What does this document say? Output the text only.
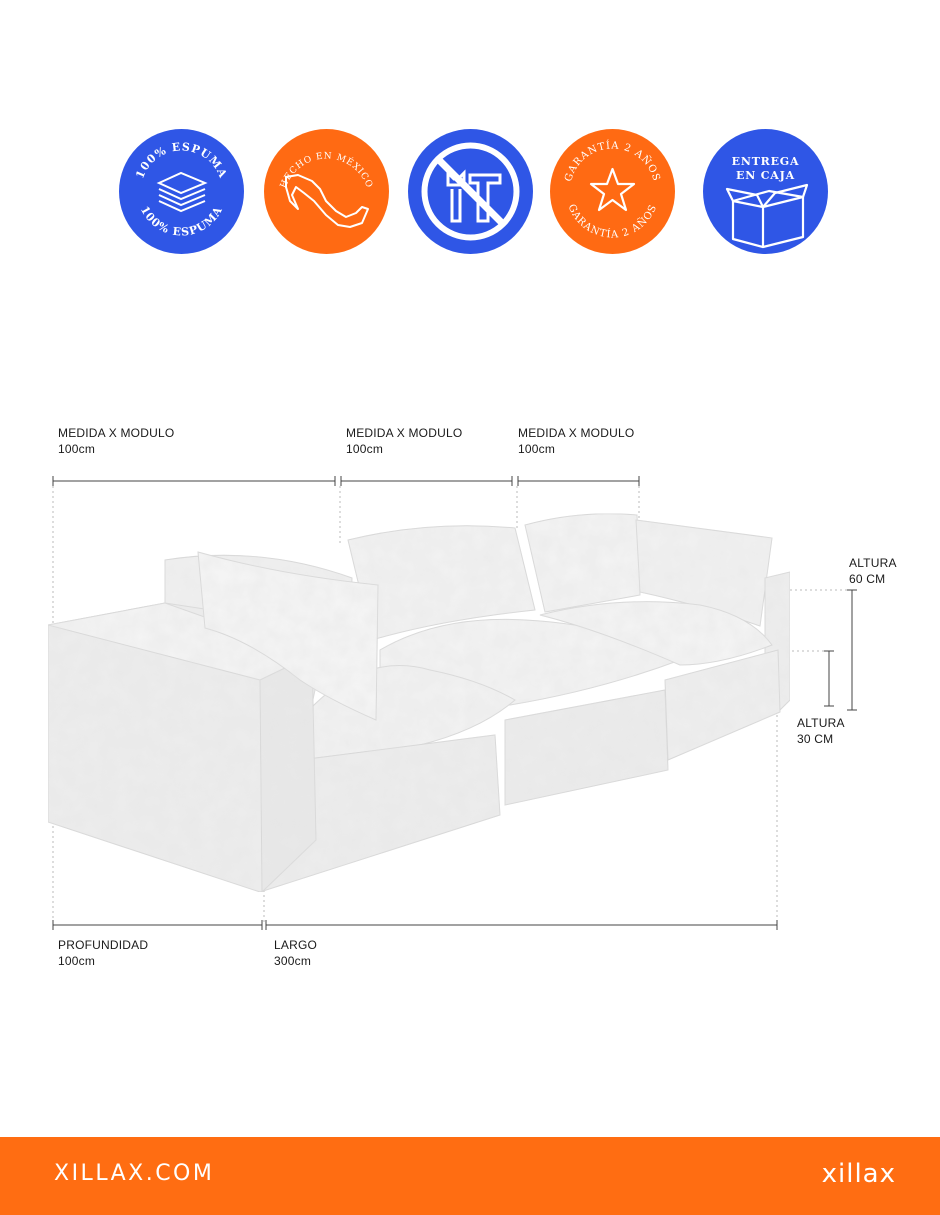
100% ESPUMA
100% ESPUMA
HECHO EN MÉXICO
GARANTÍA 2 AÑOS
GARANTÍA 2 AÑOS
ENTREGA
EN CAJA
MEDIDA X MODULO
100cm
MEDIDA X MODULO
100cm
MEDIDA X MODULO
100cm
ALTURA
60 CM
ALTURA
30 CM
PROFUNDIDAD
100cm
LARGO
300cm
XILLAX.COM	xillax
